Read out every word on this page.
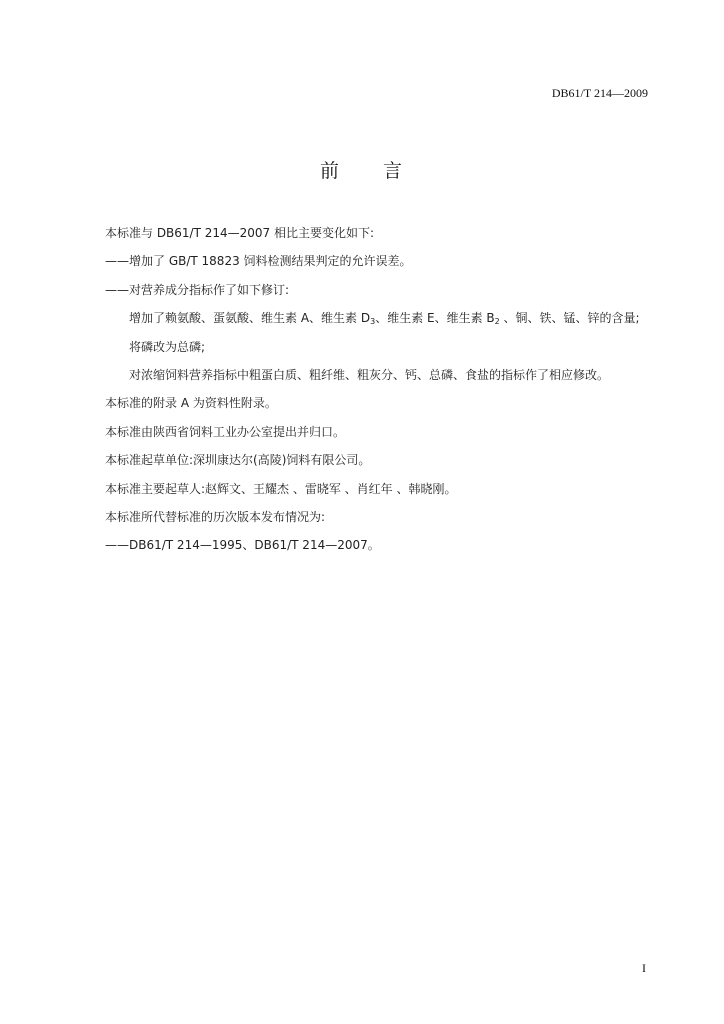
DB61/T 214—2009
前 言
本标准与 DB61/T 214—2007 相比主要变化如下:
——增加了 GB/T 18823 饲料检测结果判定的允许误差。
——对营养成分指标作了如下修订:
增加了赖氨酸、蛋氨酸、维生素 A、维生素 $D_3$、维生素 E、维生素 $B_2$ 、铜、铁、锰、锌的含量;
将磷改为总磷;
对浓缩饲料营养指标中粗蛋白质、粗纤维、粗灰分、钙、总磷、食盐的指标作了相应修改。
本标准的附录 A 为资料性附录。
本标准由陕西省饲料工业办公室提出并归口。
本标准起草单位:深圳康达尔(高陵)饲料有限公司。
本标准主要起草人:赵辉文、王耀杰 、雷晓军 、肖红年 、韩晓刚。
本标准所代替标准的历次版本发布情况为:
——DB61/T 214—1995、DB61/T 214—2007。
I
